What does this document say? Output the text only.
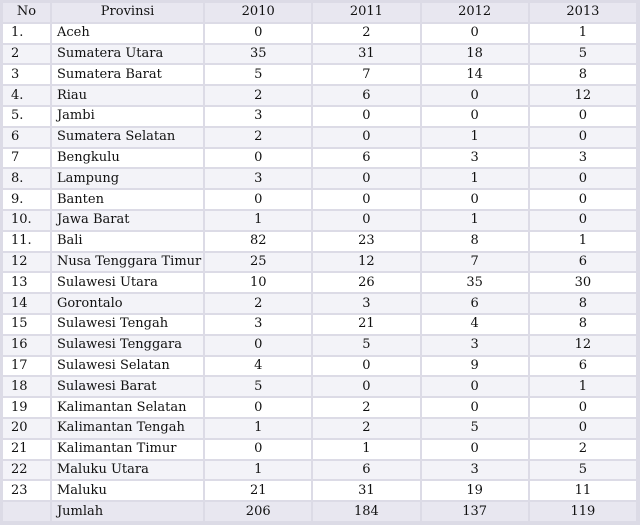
No	Provinsi	2010	2011	2012	2013
1.	Aceh	0	2	0	1
2	Sumatera Utara	35	31	18	5
3	Sumatera Barat	5	7	14	8
4.	Riau	2	6	0	12
5.	Jambi	3	0	0	0
6	Sumatera Selatan	2	0	1	0
7	Bengkulu	0	6	3	3
8.	Lampung	3	0	1	0
9.	Banten	0	0	0	0
10.	Jawa Barat	1	0	1	0
11.	Bali	82	23	8	1
12	Nusa Tenggara Timur	25	12	7	6
13	Sulawesi Utara	10	26	35	30
14	Gorontalo	2	3	6	8
15	Sulawesi Tengah	3	21	4	8
16	Sulawesi Tenggara	0	5	3	12
17	Sulawesi Selatan	4	0	9	6
18	Sulawesi Barat	5	0	0	1
19	Kalimantan Selatan	0	2	0	0
20	Kalimantan Tengah	1	2	5	0
21	Kalimantan Timur	0	1	0	2
22	Maluku Utara	1	6	3	5
23	Maluku	21	31	19	11
	Jumlah	206	184	137	119
